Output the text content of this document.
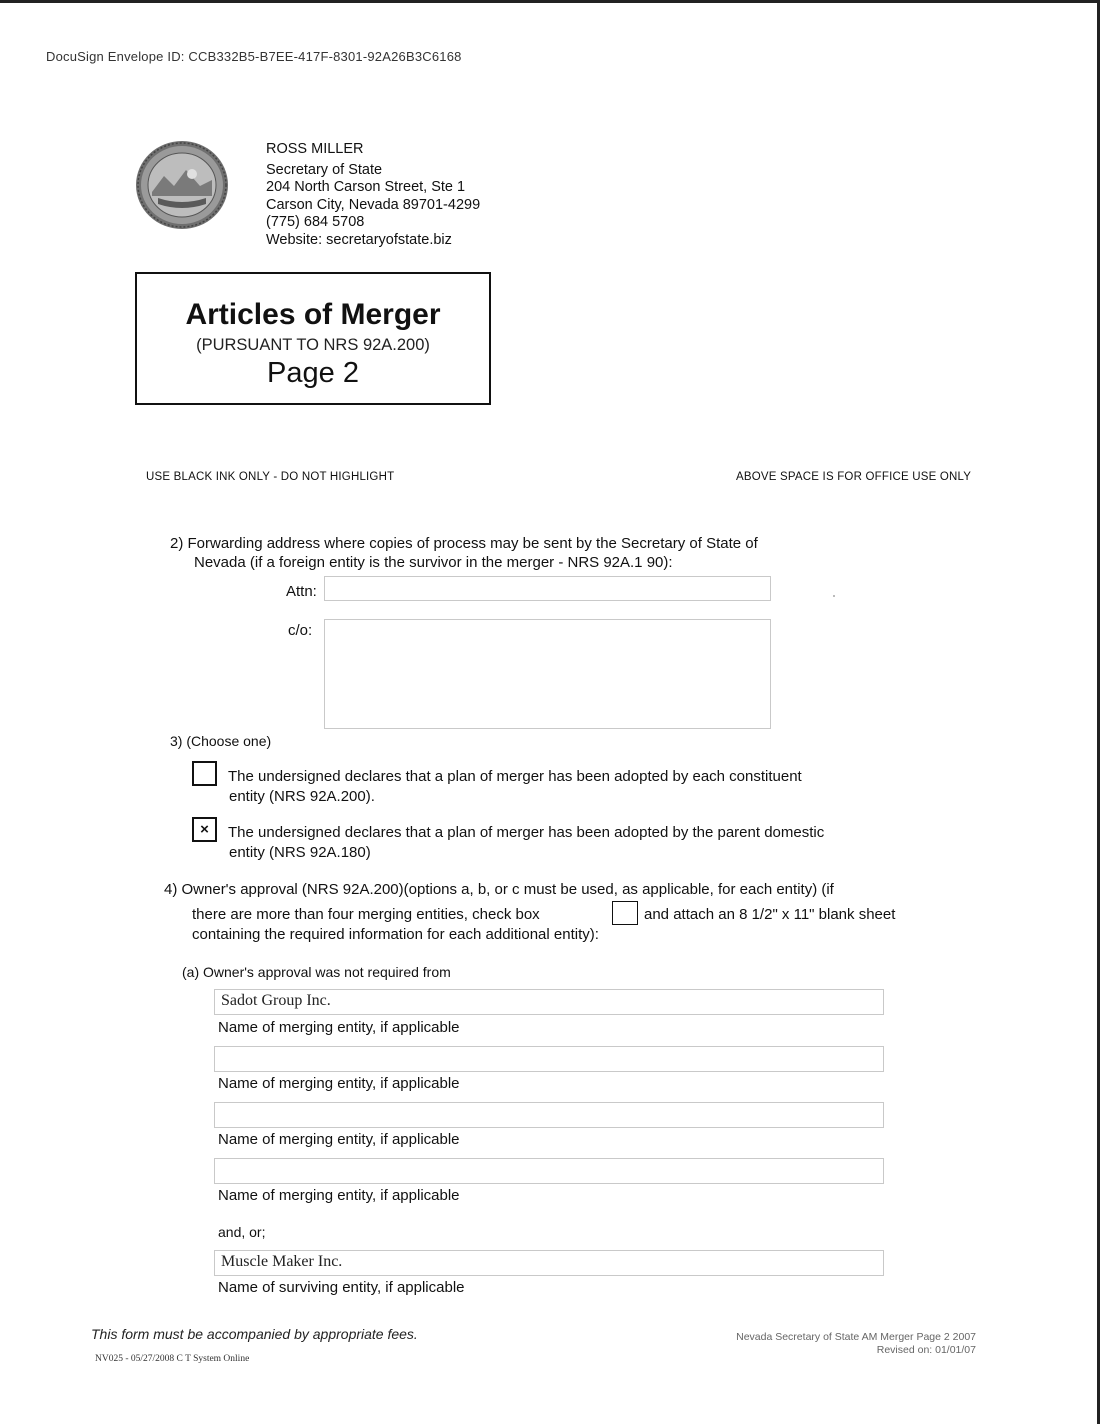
DocuSign Envelope ID: CCB332B5-B7EE-417F-8301-92A26B3C6168
ROSS MILLER
Secretary of State
204 North Carson Street, Ste 1
Carson City, Nevada 89701-4299
(775) 684 5708
Website: secretaryofstate.biz
Articles of Merger
(PURSUANT TO NRS 92A.200)
Page 2
USE BLACK INK ONLY - DO NOT HIGHLIGHT	ABOVE SPACE IS FOR OFFICE USE ONLY
2) Forwarding address where copies of process may be sent by the Secretary of State of
Nevada (if a foreign entity is the survivor in the merger - NRS 92A.1 90):
Attn:
c/o:
3) (Choose one)
The undersigned declares that a plan of merger has been adopted by each constituent
entity (NRS 92A.200).
×	The undersigned declares that a plan of merger has been adopted by the parent domestic
entity (NRS 92A.180)
4) Owner's approval (NRS 92A.200)(options a, b, or c must be used, as applicable, for each entity) (if
there are more than four merging entities, check box	and attach an 8 1/2" x 11" blank sheet
containing the required information for each additional entity):
(a) Owner's approval was not required from
Sadot Group Inc.
Name of merging entity, if applicable
Name of merging entity, if applicable
Name of merging entity, if applicable
Name of merging entity, if applicable
and, or;
Muscle Maker Inc.
Name of surviving entity, if applicable
This form must be accompanied by appropriate fees.
NV025 - 05/27/2008 C T System Online
Nevada Secretary of State AM Merger Page 2 2007
Revised on: 01/01/07
